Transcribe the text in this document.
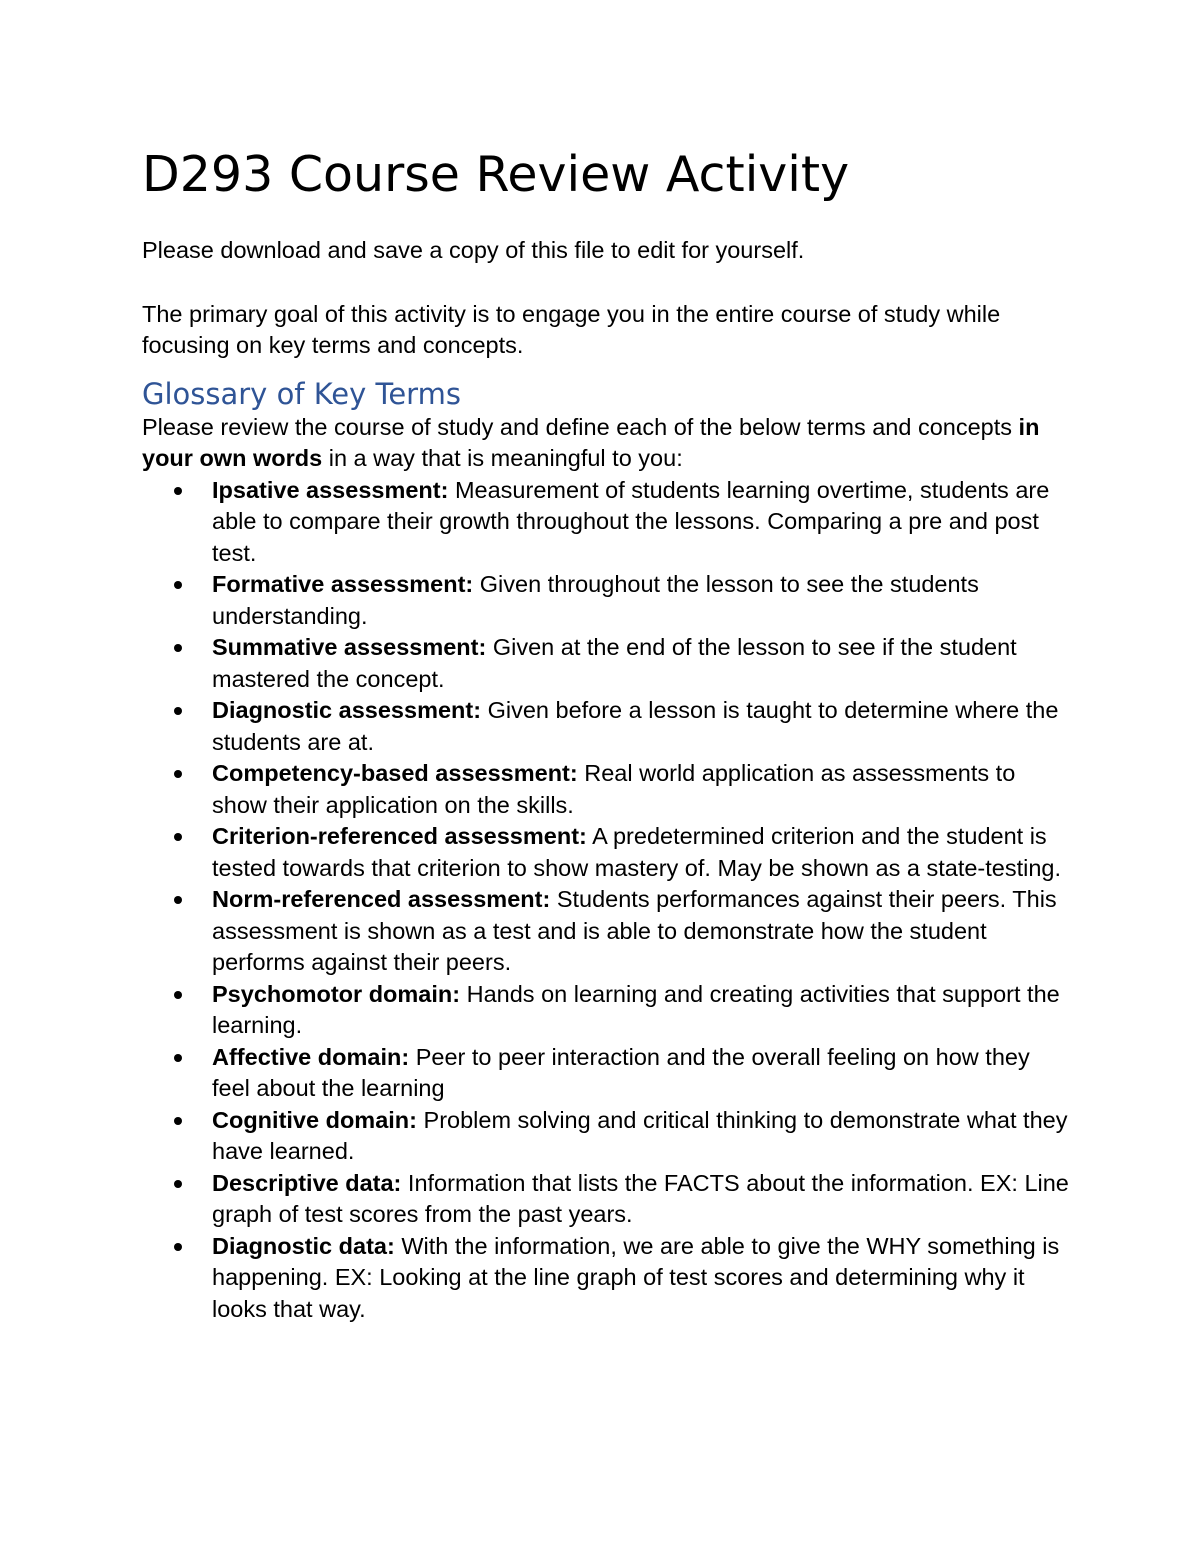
D293 Course Review Activity

Please download and save a copy of this file to edit for yourself.

The primary goal of this activity is to engage you in the entire course of study while focusing on key terms and concepts.

Glossary of Key Terms

Please review the course of study and define each of the below terms and concepts in your own words in a way that is meaningful to you:

Ipsative assessment: Measurement of students learning overtime, students are able to compare their growth throughout the lessons. Comparing a pre and post test.
Formative assessment: Given throughout the lesson to see the students understanding.
Summative assessment: Given at the end of the lesson to see if the student mastered the concept.
Diagnostic assessment: Given before a lesson is taught to determine where the students are at.
Competency-based assessment: Real world application as assessments to show their application on the skills.
Criterion-referenced assessment: A predetermined criterion and the student is tested towards that criterion to show mastery of. May be shown as a state-testing.
Norm-referenced assessment: Students performances against their peers. This assessment is shown as a test and is able to demonstrate how the student performs against their peers.
Psychomotor domain: Hands on learning and creating activities that support the learning.
Affective domain: Peer to peer interaction and the overall feeling on how they feel about the learning
Cognitive domain: Problem solving and critical thinking to demonstrate what they have learned.
Descriptive data: Information that lists the FACTS about the information. EX: Line graph of test scores from the past years.
Diagnostic data: With the information, we are able to give the WHY something is happening. EX: Looking at the line graph of test scores and determining why it looks that way.
